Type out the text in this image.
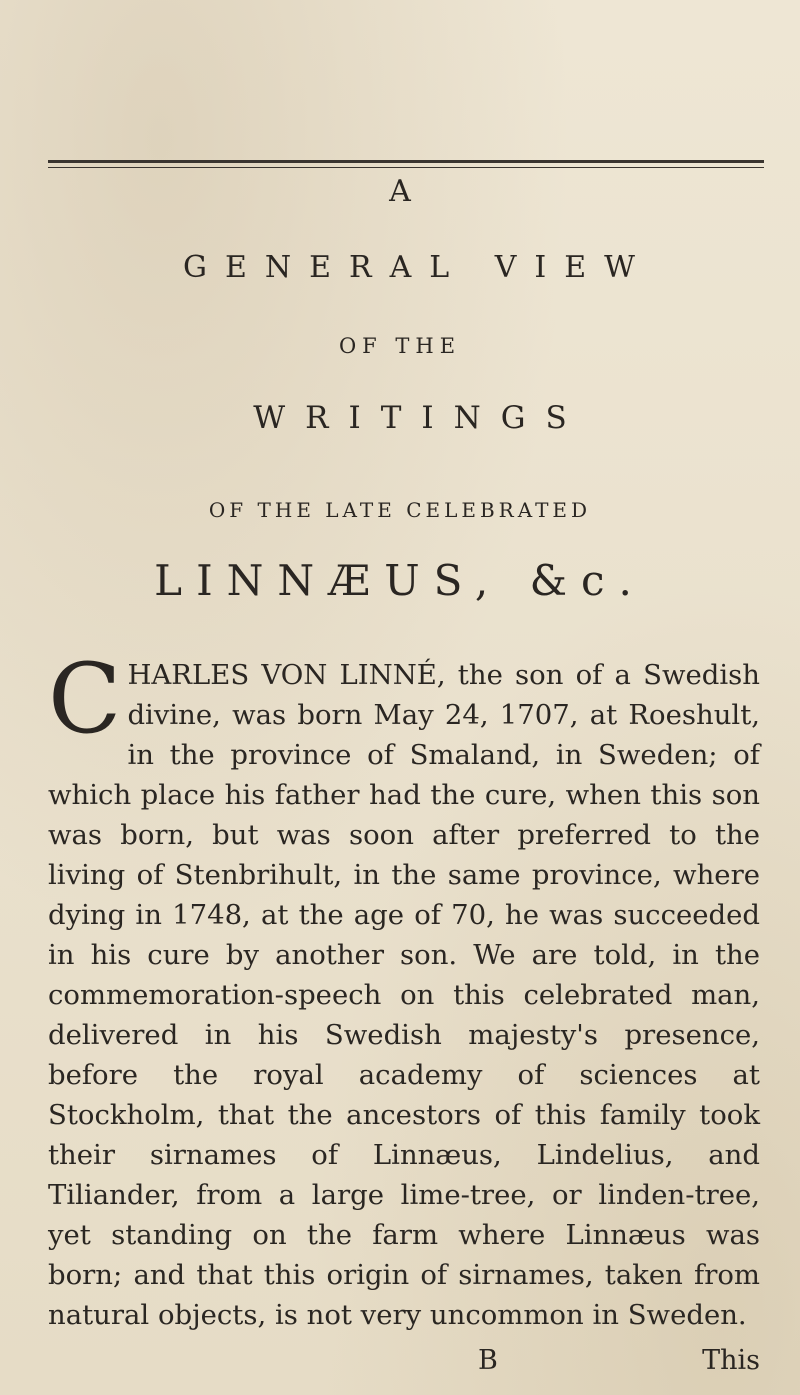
A
GENERAL VIEW
OF THE
WRITINGS
OF THE LATE CELEBRATED
LINNÆUS, &c.
C HARLES VON LINNÉ, the son of a Swedish divine, was born May 24, 1707, at Roeshult, in the province of Smaland, in Sweden; of which place his father had the cure, when this son was born, but was soon after preferred to the living of Stenbrihult, in the same province, where dying in 1748, at the age of 70, he was succeeded in his cure by another son. We are told, in the commemoration-speech on this celebrated man, delivered in his Swedish majesty's presence, before the royal academy of sciences at Stockholm, that the ancestors of this family took their sirnames of Linnæus, Lindelius, and Tiliander, from a large lime-tree, or linden-tree, yet standing on the farm where Linnæus was born; and that this origin of sirnames, taken from natural objects, is not very uncommon in Sweden.
B	This
